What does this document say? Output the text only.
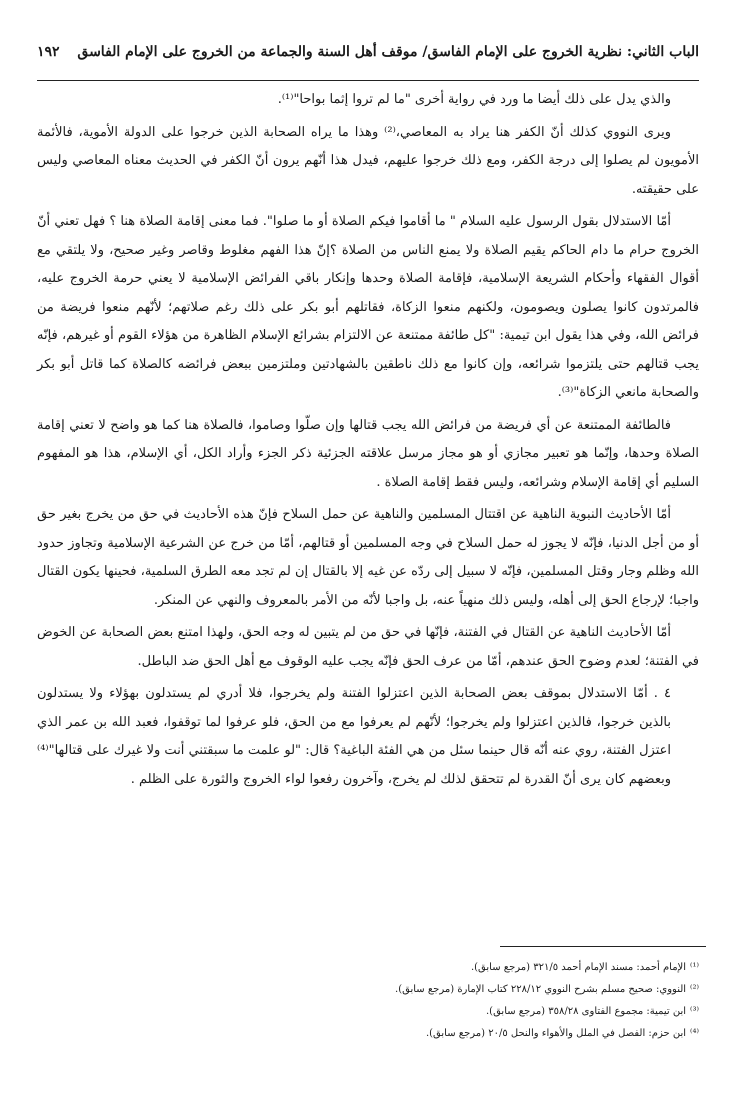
الباب الثاني: نظرية الخروج على الإمام الفاسق/ موقف أهل السنة والجماعة من الخروج على الإمام الفاسق
١٩٢

والذي يدل على ذلك أيضا ما ورد في رواية أخرى "ما لم تروا إثما بواحا"⁽¹⁾.

ويرى النووي كذلك أنّ الكفر هنا يراد به المعاصي،⁽²⁾ وهذا ما يراه الصحابة الذين خرجوا على الدولة الأموية، فالأئمة الأمويون لم يصلوا إلى درجة الكفر، ومع ذلك خرجوا عليهم، فيدل هذا أنّهم يرون أنّ الكفر في الحديث معناه المعاصي وليس على حقيقته.

أمّا الاستدلال بقول الرسول عليه السلام " ما أقاموا فيكم الصلاة أو ما صلوا". فما معنى إقامة الصلاة هنا ؟ فهل تعني أنّ الخروج حرام ما دام الحاكم يقيم الصلاة ولا يمنع الناس من الصلاة ؟إنّ هذا الفهم مغلوط وقاصر وغير صحيح، ولا يلتقي مع أقوال الفقهاء وأحكام الشريعة الإسلامية، فإقامة الصلاة وحدها وإنكار باقي الفرائض الإسلامية لا يعني حرمة الخروج عليه، فالمرتدون كانوا يصلون ويصومون، ولكنهم منعوا الزكاة، فقاتلهم أبو بكر على ذلك رغم صلاتهم؛ لأنّهم منعوا فريضة من فرائض الله، وفي هذا يقول ابن تيمية: "كل طائفة ممتنعة عن الالتزام بشرائع الإسلام الظاهرة من هؤلاء القوم أو غيرهم، فإنّه يجب قتالهم حتى يلتزموا شرائعه، وإن كانوا مع ذلك ناطقين بالشهادتين وملتزمين ببعض فرائضه كالصلاة كما قاتل أبو بكر والصحابة مانعي الزكاة"⁽³⁾.

فالطائفة الممتنعة عن أي فريضة من فرائض الله يجب قتالها وإن صلّوا وصاموا، فالصلاة هنا كما هو واضح لا تعني إقامة الصلاة وحدها، وإنّما هو تعبير مجازي أو هو مجاز مرسل علاقته الجزئية ذكر الجزء وأراد الكل، أي الإسلام، هذا هو المفهوم السليم أي إقامة الإسلام وشرائعه، وليس فقط إقامة الصلاة .

أمّا الأحاديث النبوية الناهية عن اقتتال المسلمين والناهية عن حمل السلاح فإنّ هذه الأحاديث في حق من يخرج بغير حق أو من أجل الدنيا، فإنّه لا يجوز له حمل السلاح في وجه المسلمين أو قتالهم، أمّا من خرج عن الشرعية الإسلامية وتجاوز حدود الله وظلم وجار وقتل المسلمين، فإنّه لا سبيل إلى ردّه عن غيه إلا بالقتال إن لم تجد معه الطرق السلمية، فحينها يكون القتال واجبا؛ لإرجاع الحق إلى أهله، وليس ذلك منهياً عنه، بل واجبا لأنّه من الأمر بالمعروف والنهي عن المنكر.

أمّا الأحاديث الناهية عن القتال في الفتنة، فإنّها في حق من لم يتبين له وجه الحق، ولهذا امتنع بعض الصحابة عن الخوض في الفتنة؛ لعدم وضوح الحق عندهم، أمّا من عرف الحق فإنّه يجب عليه الوقوف مع أهل الحق ضد الباطل.

٤ .أمّا الاستدلال بموقف بعض الصحابة الذين اعتزلوا الفتنة ولم يخرجوا، فلا أدري لم يستدلون بهؤلاء ولا يستدلون بالذين خرجوا، فالذين اعتزلوا ولم يخرجوا؛ لأنّهم لم يعرفوا مع من الحق، فلو عرفوا لما توقفوا، فعبد الله بن عمر الذي اعتزل الفتنة، روي عنه أنّه قال حينما سئل من هي الفئة الباغية؟ قال: "لو علمت ما سبقتني أنت ولا غيرك على قتالها"⁽⁴⁾ وبعضهم كان يرى أنّ القدرة لم تتحقق لذلك لم يخرج، وآخرون رفعوا لواء الخروج والثورة على الظلم .

⁽¹⁾الإمام أحمد: مسند الإمام أحمد ٣٢١/٥ (مرجع سابق).
⁽²⁾النووي: صحيح مسلم بشرح النووي ٢٢٨/١٢ كتاب الإمارة (مرجع سابق).
⁽³⁾ابن تيمية: مجموع الفتاوى ٣٥٨/٢٨ (مرجع سابق).
⁽⁴⁾ابن حزم: الفصل في الملل والأهواء والنحل ٢٠/٥ (مرجع سابق).
